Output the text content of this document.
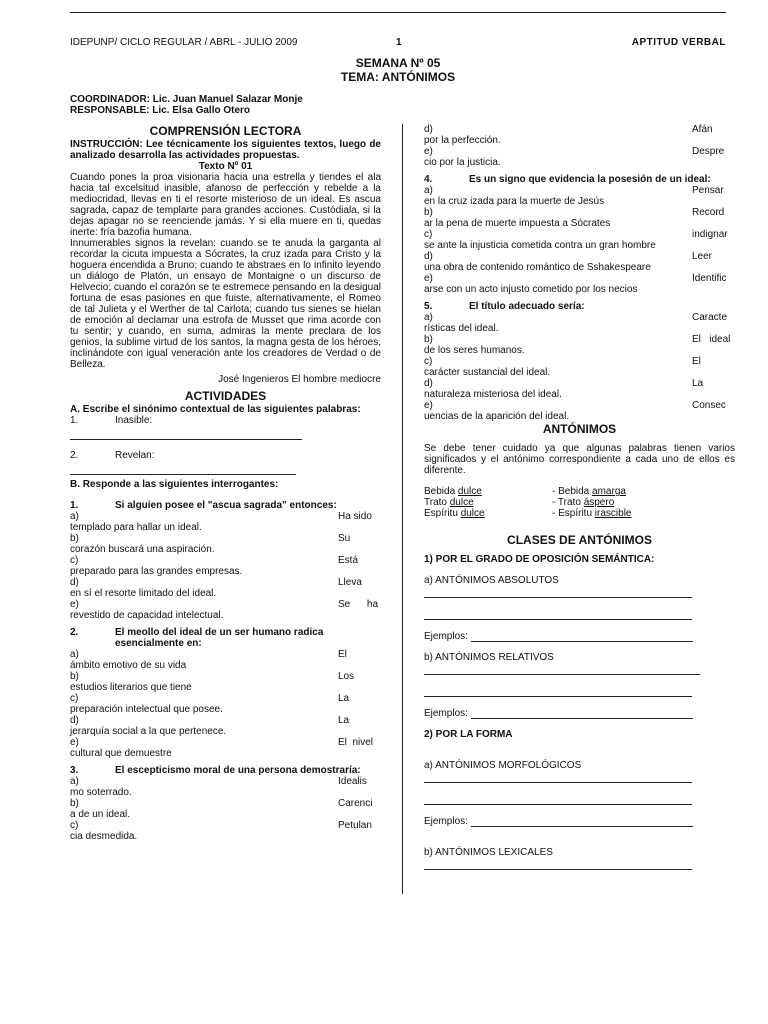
IDEPUNP/ CICLO REGULAR / ABRL - JULIO 2009	1	APTITUD VERBAL
SEMANA Nº 05
TEMA: ANTÓNIMOS
COORDINADOR: Lic. Juan Manuel Salazar Monje
RESPONSABLE: Lic. Elsa Gallo Otero

COMPRENSIÓN LECTORA

INSTRUCCIÓN: Lee técnicamente los siguientes textos, luego de analizado desarrolla las actividades propuestas.

Texto Nº 01

Cuando pones la proa visionaria hacia una estrella y tiendes el ala hacia tal excelsitud inasible, afanoso de perfección y rebelde a la mediocridad, llevas en ti el resorte misterioso de un ideal. Es ascua sagrada, capaz de templarte para grandes acciones. Custódiala, si la dejas apagar no se reenciende jamás. Y si ella muere en ti, quedas inerte: fría bazofia humana.

Innumerables signos la revelan: cuando se te anuda la garganta al recordar la cicuta impuesta a Sócrates, la cruz izada para Cristo y la hoguera encendida a Bruno; cuando te abstraes en lo infinito leyendo un diálogo de Platón, un ensayo de Montaigne o un discurso de Helvecio; cuando el corazón se te estremece pensando en la desigual fortuna de esas pasiones en que fuiste, alternativamente, el Romeo de tal Julieta y el Werther de tal Carlota; cuando tus sienes se hielan de emoción al declamar una estrofa de Musset que rima acorde con tu sentir; y cuando, en suma, admiras la mente preclara de los genios, la sublime virtud de los santos, la magna gesta de los héroes, inclinándote con igual veneración ante los creadores de Verdad o de Belleza.

José Ingenieros El hombre mediocre

ACTIVIDADES

A. Escribe el sinónimo contextual de las siguientes palabras:

1.	Inasible:
2.	Revelan:

B. Responde a las siguientes interrogantes:

1.	Si alguien posee el "ascua sagrada" entonces:
a)	Ha sido
templado para hallar un ideal.
b)	Su
corazón buscará una aspiración.
c)	Está
preparado para las grandes empresas.
d)	Lleva
en sí el resorte limitado del ideal.
e)	Se      ha
revestido de capacidad intelectual.
2.	El meollo del ideal de un ser humano radica esencialmente en:
a)	El
ámbito emotivo de su vida
b)	Los
estudios literarios que tiene
c)	La
preparación intelectual que posee.
d)	La
jerarquía social a la que pertenece.
e)	El  nivel
cultural que demuestre
3.	El escepticismo moral de una persona demostraría:
a)	Idealis
mo soterrado.
b)	Carenci
a de un ideal.
c)	Petulan
cia desmedida.
d)	Afán
por la perfección.
e)	Despre
cio por la justicia.
4.	Es un signo que evidencia la posesión de un ideal:
a)	Pensar
en la cruz izada para la muerte de Jesús
b)	Record
ar la pena de muerte impuesta a Sócrates
c)	indignar
se ante la injusticia cometida contra un gran hombre
d)	Leer
una obra de contenido romántico de Sshakespeare
e)	Identific
arse con un acto injusto cometido por los necios
5.	El título adecuado sería:
a)	Caracte
rísticas del ideal.
b)	El   ideal
de los seres humanos.
c)	El
carácter sustancial del ideal.
d)	La
naturaleza misteriosa del ideal.
e)	Consec
uencias de la aparición del ideal.

ANTÓNIMOS

Se debe tener cuidado ya que algunas palabras tienen varios significados y el antónimo correspondiente a cada uno de ellos es diferente.

Bebida dulce	- Bebida amarga
Trato dulce	- Trato áspero
Espíritu dulce	- Espíritu irascible

CLASES DE ANTÓNIMOS

1) POR EL GRADO DE OPOSICIÓN SEMÁNTICA:

a) ANTÓNIMOS ABSOLUTOS

Ejemplos:

b) ANTÓNIMOS RELATIVOS

Ejemplos:

2) POR LA FORMA

a) ANTÓNIMOS MORFOLÓGICOS

Ejemplos:

b) ANTÓNIMOS LEXICALES
